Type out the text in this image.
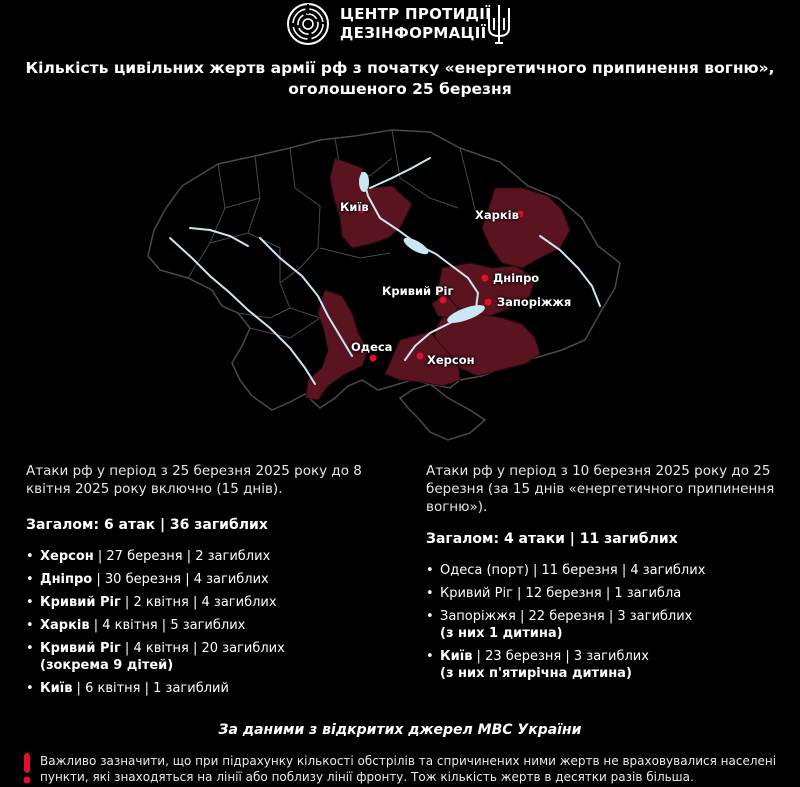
ЦЕНТР ПРОТИДІЇ
ДЕЗІНФОРМАЦІЇ
Кількість цивільних жертв армії рф з початку «енергетичного припинення вогню»,
оголошеного 25 березня
Київ
Харків
Дніпро
Кривий Ріг
Запоріжжя
Одеса
Херсон
Атаки рф у період з 25 березня 2025 року до 8 квітня 2025 року включно (15 днів).
Загалом: 6 атак | 36 загиблих
• Херсон | 27 березня | 2 загиблих
• Дніпро | 30 березня | 4 загиблих
• Кривий Ріг | 2 квітня | 4 загиблих
• Харків | 4 квітня | 5 загиблих
• Кривий Ріг | 4 квітня | 20 загиблих
(зокрема 9 дітей)
• Київ | 6 квітня | 1 загиблий
Атаки рф у період з 10 березня 2025 року до 25 березня (за 15 днів «енергетичного припинення вогню»).
Загалом: 4 атаки | 11 загиблих
• Одеса (порт) | 11 березня | 4 загиблих
• Кривий Ріг | 12 березня | 1 загибла
• Запоріжжя | 22 березня | 3 загиблих
(з них 1 дитина)
• Київ | 23 березня | 3 загиблих
(з них п'ятирічна дитина)
За даними з відкритих джерел МВС України
Важливо зазначити, що при підрахунку кількості обстрілів та спричинених ними жертв не враховувалися населені пункти, які знаходяться на лінії або поблизу лінії фронту. Тож кількість жертв в десятки разів більша.
